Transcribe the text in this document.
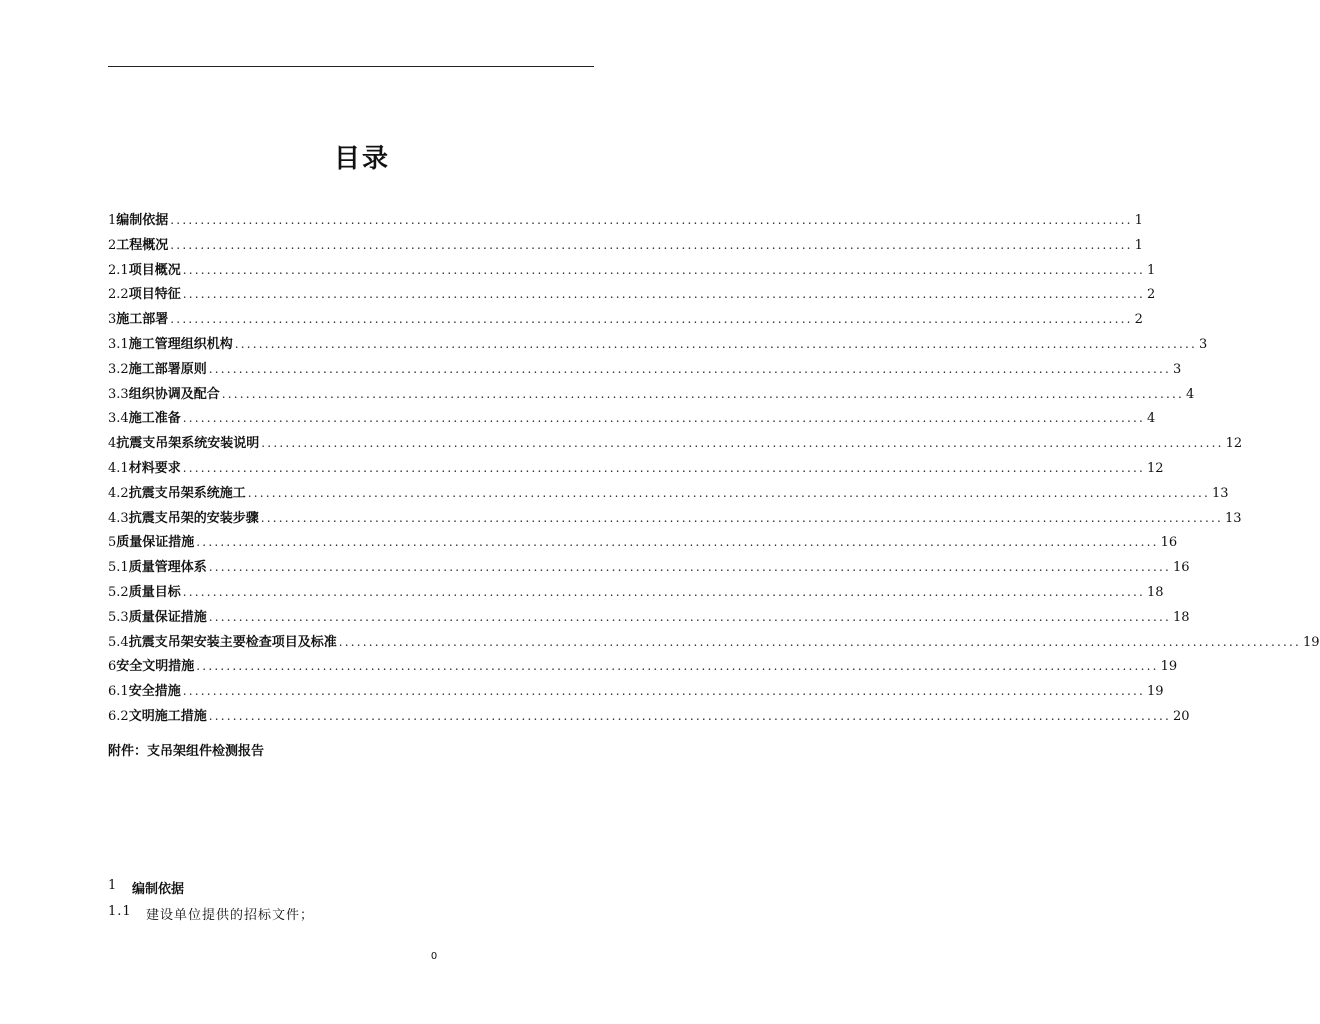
目录
1 编制依据 ................................................................................................................................................................ 1
2 工程概况 ................................................................................................................................................................ 1
2.1 项目概况 ................................................................................................................................................................ 1
2.2 项目特征 ................................................................................................................................................................ 2
3 施工部署 ................................................................................................................................................................ 2
3.1 施工管理组织机构 ................................................................................................................................................................ 3
3.2 施工部署原则 ................................................................................................................................................................ 3
3.3 组织协调及配合 ................................................................................................................................................................ 4
3.4 施工准备 ................................................................................................................................................................ 4
4 抗震支吊架系统安装说明 ................................................................................................................................................................ 12
4.1 材料要求 ................................................................................................................................................................ 12
4.2 抗震支吊架系统施工 ................................................................................................................................................................ 13
4.3 抗震支吊架的安装步骤 ................................................................................................................................................................ 13
5 质量保证措施 ................................................................................................................................................................ 16
5.1 质量管理体系 ................................................................................................................................................................ 16
5.2 质量目标 ................................................................................................................................................................ 18
5.3 质量保证措施 ................................................................................................................................................................ 18
5.4 抗震支吊架安装主要检查项目及标准 ................................................................................................................................................................ 19
6 安全文明措施 ................................................................................................................................................................ 19
6.1 安全措施 ................................................................................................................................................................ 19
6.2 文明施工措施 ................................................................................................................................................................ 20
附件：支吊架组件检测报告
1	编制依据
1.1	建设单位提供的招标文件；
0
